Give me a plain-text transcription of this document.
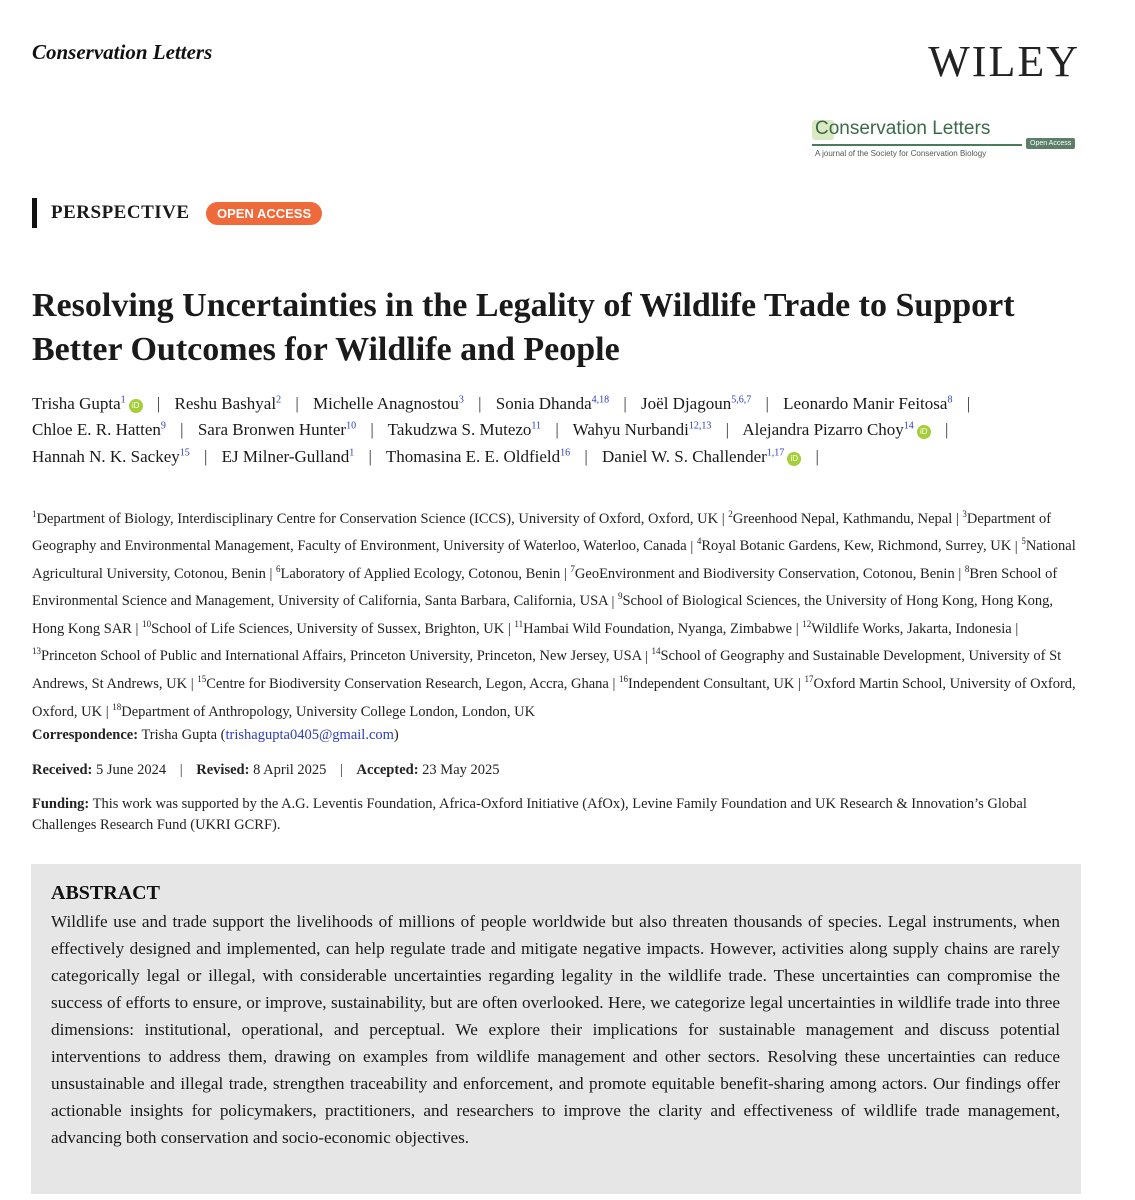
Conservation Letters	WILEY
Conservation Letters
Open Access
A journal of the Society for Conservation Biology
PERSPECTIVE	OPEN ACCESS
Resolving Uncertainties in the Legality of Wildlife Trade to Support Better Outcomes for Wildlife and People
Trisha Gupta$^1$iD | Reshu Bashyal$^2$ | Michelle Anagnostou$^3$ | Sonia Dhanda$^{4,18}$ | Joël Djagoun$^{5,6,7}$ | Leonardo Manir Feitosa$^8$ | Chloe E. R. Hatten$^9$ | Sara Bronwen Hunter$^{10}$ | Takudzwa S. Mutezo$^{11}$ | Wahyu Nurbandi$^{12,13}$ | Alejandra Pizarro Choy$^{14}$iD | Hannah N. K. Sackey$^{15}$ | EJ Milner-Gulland$^1$ | Thomasina E. E. Oldfield$^{16}$ | Daniel W. S. Challender$^{1,17}$iD |
$^1$Department of Biology, Interdisciplinary Centre for Conservation Science (ICCS), University of Oxford, Oxford, UK | $^2$Greenhood Nepal, Kathmandu, Nepal | $^3$Department of Geography and Environmental Management, Faculty of Environment, University of Waterloo, Waterloo, Canada | $^4$Royal Botanic Gardens, Kew, Richmond, Surrey, UK | $^5$National Agricultural University, Cotonou, Benin | $^6$Laboratory of Applied Ecology, Cotonou, Benin | $^7$GeoEnvironment and Biodiversity Conservation, Cotonou, Benin | $^8$Bren School of Environmental Science and Management, University of California, Santa Barbara, California, USA | $^9$School of Biological Sciences, the University of Hong Kong, Hong Kong, Hong Kong SAR | $^{10}$School of Life Sciences, University of Sussex, Brighton, UK | $^{11}$Hambai Wild Foundation, Nyanga, Zimbabwe | $^{12}$Wildlife Works, Jakarta, Indonesia | $^{13}$Princeton School of Public and International Affairs, Princeton University, Princeton, New Jersey, USA | $^{14}$School of Geography and Sustainable Development, University of St Andrews, St Andrews, UK | $^{15}$Centre for Biodiversity Conservation Research, Legon, Accra, Ghana | $^{16}$Independent Consultant, UK | $^{17}$Oxford Martin School, University of Oxford, Oxford, UK | $^{18}$Department of Anthropology, University College London, London, UK
Correspondence: Trisha Gupta (trishagupta0405@gmail.com)
Received: 5 June 2024 | Revised: 8 April 2025 | Accepted: 23 May 2025
Funding: This work was supported by the A.G. Leventis Foundation, Africa-Oxford Initiative (AfOx), Levine Family Foundation and UK Research & Innovation’s Global Challenges Research Fund (UKRI GCRF).
ABSTRACT
Wildlife use and trade support the livelihoods of millions of people worldwide but also threaten thousands of species. Legal instruments, when effectively designed and implemented, can help regulate trade and mitigate negative impacts. However, activities along supply chains are rarely categorically legal or illegal, with considerable uncertainties regarding legality in the wildlife trade. These uncertainties can compromise the success of efforts to ensure, or improve, sustainability, but are often overlooked. Here, we categorize legal uncertainties in wildlife trade into three dimensions: institutional, operational, and perceptual. We explore their implications for sustainable management and discuss potential interventions to address them, drawing on examples from wildlife management and other sectors. Resolving these uncertainties can reduce unsustainable and illegal trade, strengthen traceability and enforcement, and promote equitable benefit-sharing among actors. Our findings offer actionable insights for policymakers, practitioners, and researchers to improve the clarity and effectiveness of wildlife trade management, advancing both conservation and socio-economic objectives.
